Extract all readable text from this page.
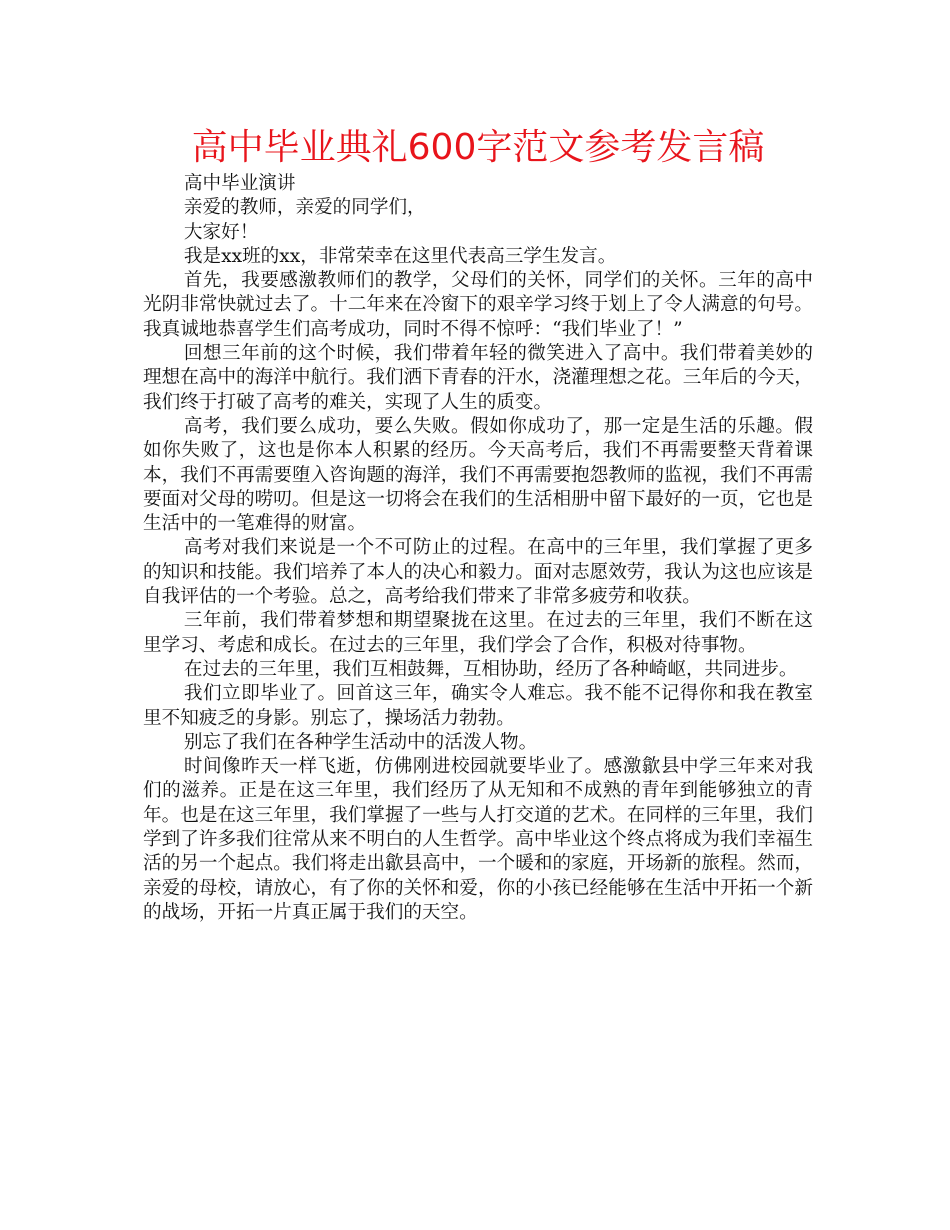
高中毕业典礼600字范文参考发言稿

高中毕业演讲

亲爱的教师，亲爱的同学们，

大家好！

我是xx班的xx，非常荣幸在这里代表高三学生发言。

首先，我要感激教师们的教学，父母们的关怀，同学们的关怀。三年的高中光阴非常快就过去了。十二年来在冷窗下的艰辛学习终于划上了令人满意的句号。我真诚地恭喜学生们高考成功，同时不得不惊呼：“我们毕业了！”

回想三年前的这个时候，我们带着年轻的微笑进入了高中。我们带着美妙的理想在高中的海洋中航行。我们洒下青春的汗水，浇灌理想之花。三年后的今天，我们终于打破了高考的难关，实现了人生的质变。

高考，我们要么成功，要么失败。假如你成功了，那一定是生活的乐趣。假如你失败了，这也是你本人积累的经历。今天高考后，我们不再需要整天背着课本，我们不再需要堕入咨询题的海洋，我们不再需要抱怨教师的监视，我们不再需要面对父母的唠叨。但是这一切将会在我们的生活相册中留下最好的一页，它也是生活中的一笔难得的财富。

高考对我们来说是一个不可防止的过程。在高中的三年里，我们掌握了更多的知识和技能。我们培养了本人的决心和毅力。面对志愿效劳，我认为这也应该是自我评估的一个考验。总之，高考给我们带来了非常多疲劳和收获。

三年前，我们带着梦想和期望聚拢在这里。在过去的三年里，我们不断在这里学习、考虑和成长。在过去的三年里，我们学会了合作，积极对待事物。

在过去的三年里，我们互相鼓舞，互相协助，经历了各种崎岖，共同进步。

我们立即毕业了。回首这三年，确实令人难忘。我不能不记得你和我在教室里不知疲乏的身影。别忘了，操场活力勃勃。

别忘了我们在各种学生活动中的活泼人物。

时间像昨天一样飞逝，仿佛刚进校园就要毕业了。感激歙县中学三年来对我们的滋养。正是在这三年里，我们经历了从无知和不成熟的青年到能够独立的青年。也是在这三年里，我们掌握了一些与人打交道的艺术。在同样的三年里，我们学到了许多我们往常从来不明白的人生哲学。高中毕业这个终点将成为我们幸福生活的另一个起点。我们将走出歙县高中，一个暖和的家庭，开场新的旅程。然而，亲爱的母校，请放心，有了你的关怀和爱，你的小孩已经能够在生活中开拓一个新的战场，开拓一片真正属于我们的天空。
